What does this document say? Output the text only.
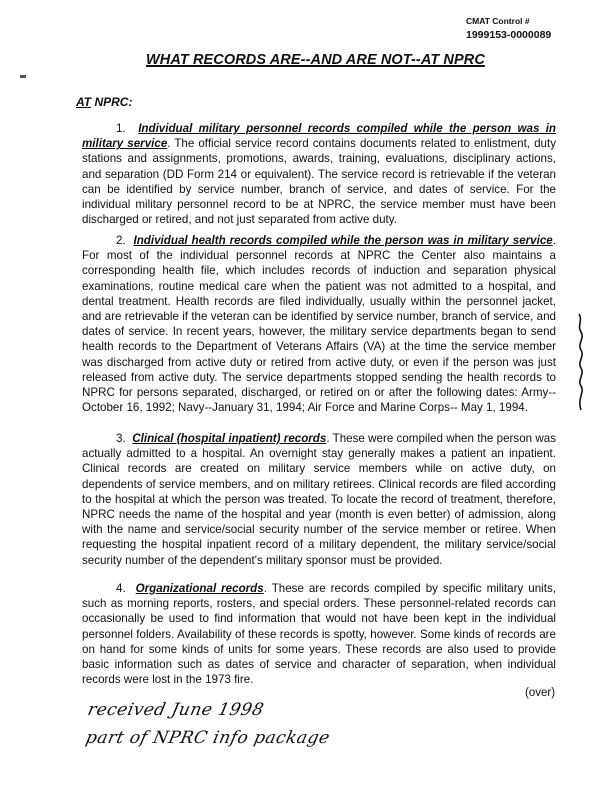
CMAT Control #
1999153-0000089
WHAT RECORDS ARE--AND ARE NOT--AT NPRC
AT NPRC:
1. Individual military personnel records compiled while the person was in military service. The official service record contains documents related to enlistment, duty stations and assignments, promotions, awards, training, evaluations, disciplinary actions, and separation (DD Form 214 or equivalent). The service record is retrievable if the veteran can be identified by service number, branch of service, and dates of service. For the individual military personnel record to be at NPRC, the service member must have been discharged or retired, and not just separated from active duty.
2. Individual health records compiled while the person was in military service. For most of the individual personnel records at NPRC the Center also maintains a corresponding health file, which includes records of induction and separation physical examinations, routine medical care when the patient was not admitted to a hospital, and dental treatment. Health records are filed individually, usually within the personnel jacket, and are retrievable if the veteran can be identified by service number, branch of service, and dates of service. In recent years, however, the military service departments began to send health records to the Department of Veterans Affairs (VA) at the time the service member was discharged from active duty or retired from active duty, or even if the person was just released from active duty. The service departments stopped sending the health records to NPRC for persons separated, discharged, or retired on or after the following dates: Army--October 16, 1992; Navy--January 31, 1994; Air Force and Marine Corps-- May 1, 1994.
3. Clinical (hospital inpatient) records. These were compiled when the person was actually admitted to a hospital. An overnight stay generally makes a patient an inpatient. Clinical records are created on military service members while on active duty, on dependents of service members, and on military retirees. Clinical records are filed according to the hospital at which the person was treated. To locate the record of treatment, therefore, NPRC needs the name of the hospital and year (month is even better) of admission, along with the name and service/social security number of the service member or retiree. When requesting the hospital inpatient record of a military dependent, the military service/social security number of the dependent's military sponsor must be provided.
4. Organizational records. These are records compiled by specific military units, such as morning reports, rosters, and special orders. These personnel-related records can occasionally be used to find information that would not have been kept in the individual personnel folders. Availability of these records is spotty, however. Some kinds of records are on hand for some kinds of units for some years. These records are also used to provide basic information such as dates of service and character of separation, when individual records were lost in the 1973 fire.
(over)
received June 1998
part of NPRC info package
